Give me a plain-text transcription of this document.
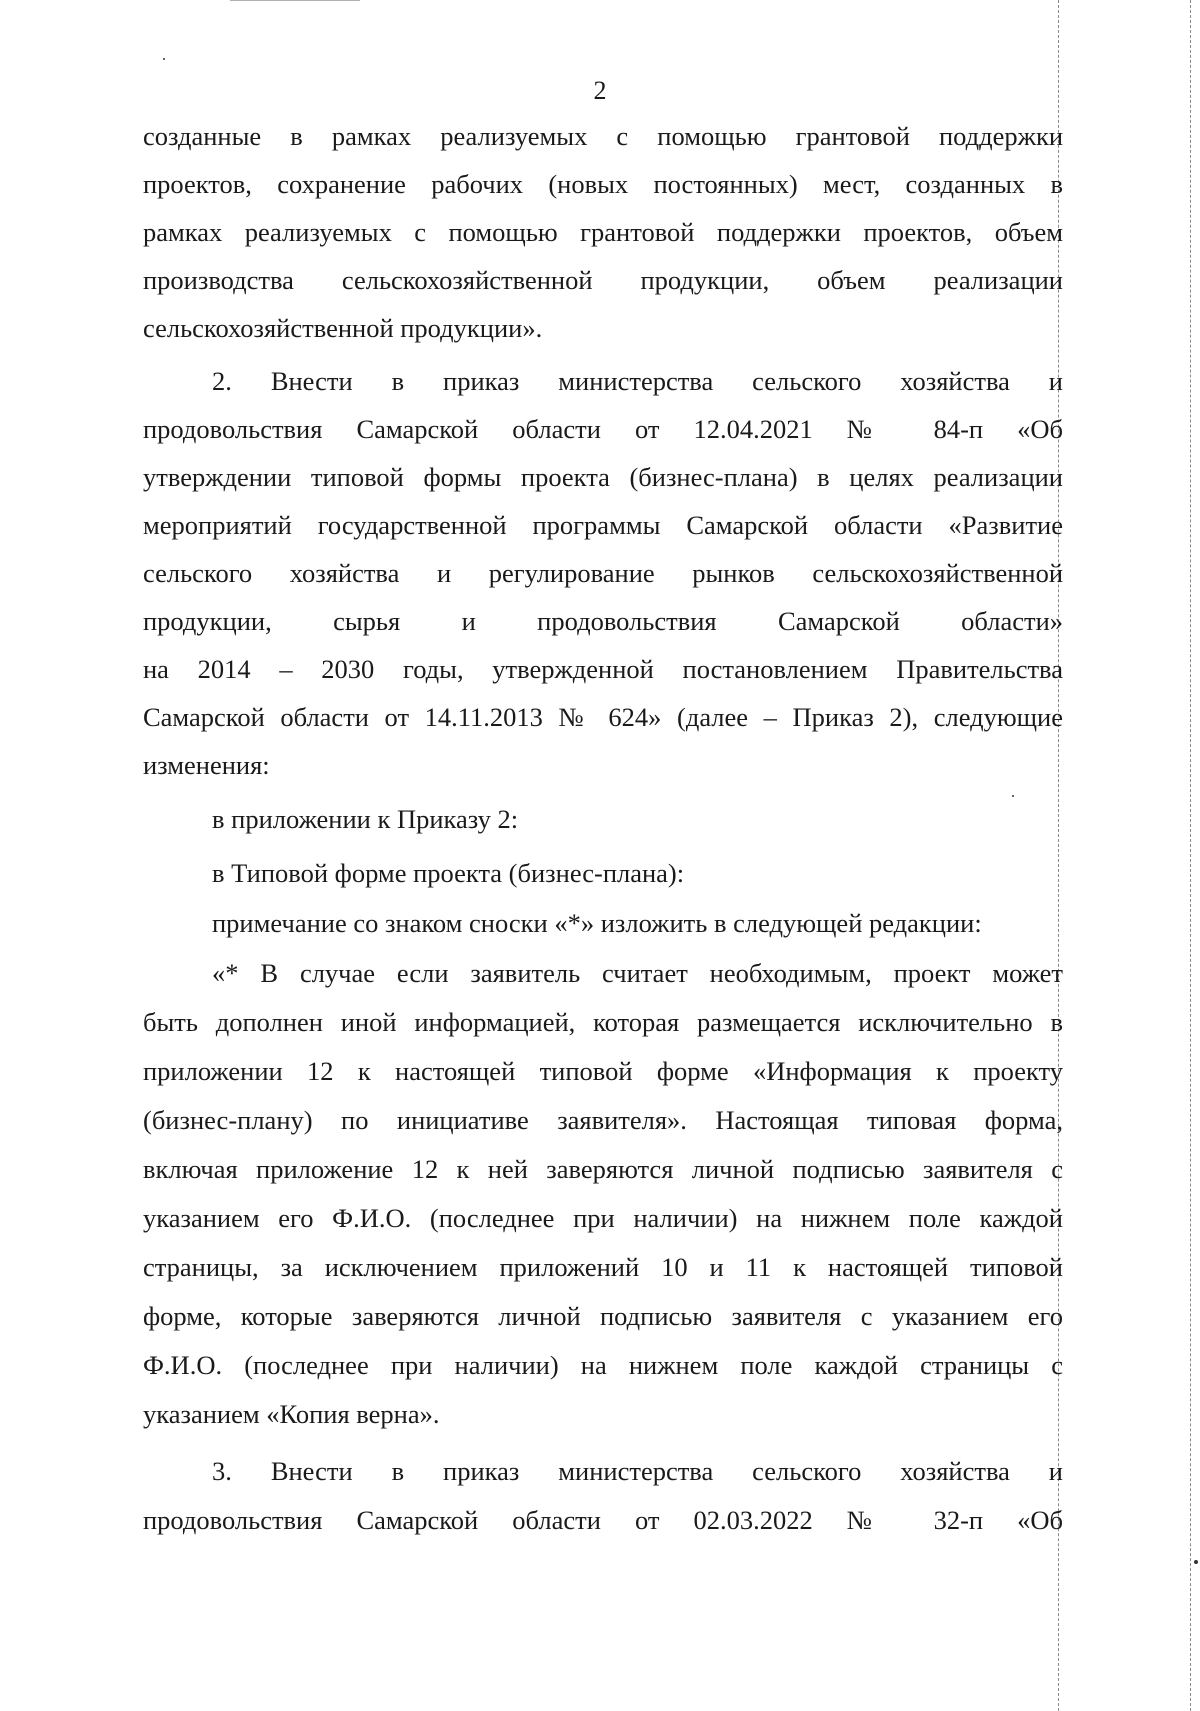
2
созданные в рамках реализуемых с помощью грантовой поддержки
проектов, сохранение рабочих (новых постоянных) мест, созданных в
рамках реализуемых с помощью грантовой поддержки проектов, объем
производства сельскохозяйственной продукции, объем реализации
сельскохозяйственной продукции».
2. Внести в приказ министерства сельского хозяйства и
продовольствия Самарской области от 12.04.2021 № 84-п «Об
утверждении типовой формы проекта (бизнес-плана) в целях реализации
мероприятий государственной программы Самарской области «Развитие
сельского хозяйства и регулирование рынков сельскохозяйственной
продукции, сырья и продовольствия Самарской области»
на 2014 – 2030 годы, утвержденной постановлением Правительства
Самарской области от 14.11.2013 № 624» (далее – Приказ 2), следующие
изменения:
в приложении к Приказу 2:
в Типовой форме проекта (бизнес-плана):
примечание со знаком сноски «*» изложить в следующей редакции:
«* В случае если заявитель считает необходимым, проект может
быть дополнен иной информацией, которая размещается исключительно в
приложении 12 к настоящей типовой форме «Информация к проекту
(бизнес-плану) по инициативе заявителя». Настоящая типовая форма,
включая приложение 12 к ней заверяются личной подписью заявителя с
указанием его Ф.И.О. (последнее при наличии) на нижнем поле каждой
страницы, за исключением приложений 10 и 11 к настоящей типовой
форме, которые заверяются личной подписью заявителя с указанием его
Ф.И.О. (последнее при наличии) на нижнем поле каждой страницы с
указанием «Копия верна».
3. Внести в приказ министерства сельского хозяйства и
продовольствия Самарской области от 02.03.2022 № 32-п «Об
